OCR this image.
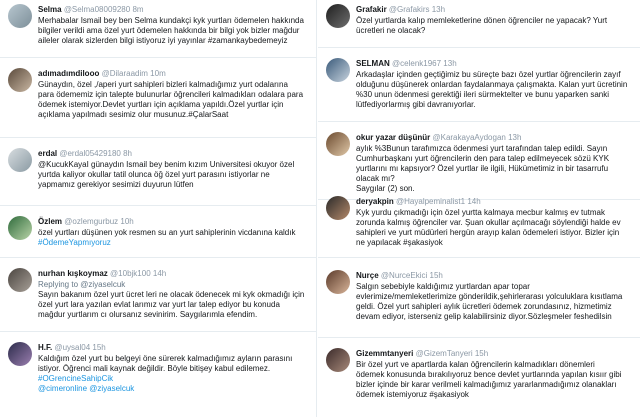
Selma @Selma08009280 8m

Merhabalar Ismail bey ben Selma kundakçi kyk yurtları ödemelen hakkında

bilgiler verildi ama özel yurt ödemelen hakkında bir bilgi yok bizler mağdur

aileler olarak sizlerden bilgi istiyoruz iyi yayınlar #zamankaybedemeyiz

adımadımdilooo @Dilaraadim 10m

Günaydın, özel ,/aperi yurt sahipleri bizleri kalmadığımız yurt odalarına

para ödememiz için talepte bulunurlar öğrencileri kalmadıkları odalara para

ödemek istemiyor.Devlet yurtları için açıklama yapıldı.Özel yurtlar için

açıklama yapılmadı sesimiz olur musunuz.#ÇalarSaat

erdal @erdal05429180 8h

@KucukKayaI günaydın Ismail bey benim kızım Universitesi okuyor özel

yurtda kaliyor okullar tatil olunca öğ özel yurt parasını istiyorlar ne

yapmamız gerekiyor sesimizi duyurun lütfen

Özlem @ozlemgurbuz 10h

özel yurtları düşünen yok resmen su an yurt sahiplerinin vicdanına kaldık

#ÖdemeYapmıyoruz

nurhan kışkoymaz @10bjk100 14h

Replying to @ziyaselcuk

Sayın bakanım özel yurt ücret leri ne olacak ödenecek mi kyk okmadığı için

özel yurt lara yazılan evlat larımız var yurt lar talep ediyor bu konuda

mağdur yurtlarım cı olursanız sevinirim. Saygılarımla efendim.

H.F. @uysal04 15h

Kaldığım özel yurt bu belgeyi öne sürerek kalmadığımız ayların parasını

istiyor. Öğrenci mali kaynak değildir. Böyle bitişey kabul edilemez.

#OGrencineSahipCik

@cimeronline @ziyaselcuk

Grafakir @Grafakirs 13h

Özel yurtlarda kalıp memleketlerine dönen öğrenciler ne yapacak? Yurt

ücretleri ne olacak?

SELMAN @celenk1967 13h

Arkadaşlar içinden geçtiğimiz bu süreçte bazı özel yurtlar öğrencilerin zayıf

olduğunu düşünerek onlardan faydalanmaya çalışmakta. Kalan yurt ücretinin

%30 unun ödenmesi gerektiği ileri sürmektelter ve bunu yaparken sanki

lütfediyorlarmış gibi davranıyorlar.

okur yazar düşünür @KarakayaAydogan 13h

aylık %3Bunun tarafımızca ödenmesi yurt tarafından talep edildi. Sayın

Cumhurbaşkanı yurt öğrencilerin den para talep edilmeyecek sözü KYK

yurtlarını mı kapsıyor? Özel yurtlar ile ilgili, Hükümetimiz in bir tasarrufu

olacak mı?

Saygılar (2) son.

deryakpin @Hayalpeminalist1 14h

Kyk yurdu çıkmadığı için özel yurtta kalmaya mecbur kalmış ev tutmak

zorunda kalmış öğrenciler var. Şuan okullar açılmacağı söylendiği halde ev

sahipleri ve yurt müdürleri hergün arayıp kalan ödemeleri istiyor. Bizler için

ne yapılacak #şakasiyok

Nurçe @NurceEkici 15h

Salgın sebebiyle kaldığımız yurtlardan apar topar

evlerimize/memleketlerimize gönderildik,şehirlerarası yolculuklara kısıtlama

geldi. Özel yurt sahipleri aylık ücretleri ödemek zorundasınız, hizmetimiz

devam ediyor, isterseniz gelip kalabilirsiniz diyor.Sözleşmeler feshedilsin

Gizemmtanyeri @GizemTanyeri 15h

Bir özel yurt ve apartlarda kalan öğrencilerin kalmadıkları dönemleri

ödemek konusunda bırakılıyoruz bence devlet yurtlarında yapılan kısıır gibi

bizler içinde bir karar verilmeli kalmadığımız yararlanmadığımız olanakları

ödemek istemiyoruz #şakasiyok
